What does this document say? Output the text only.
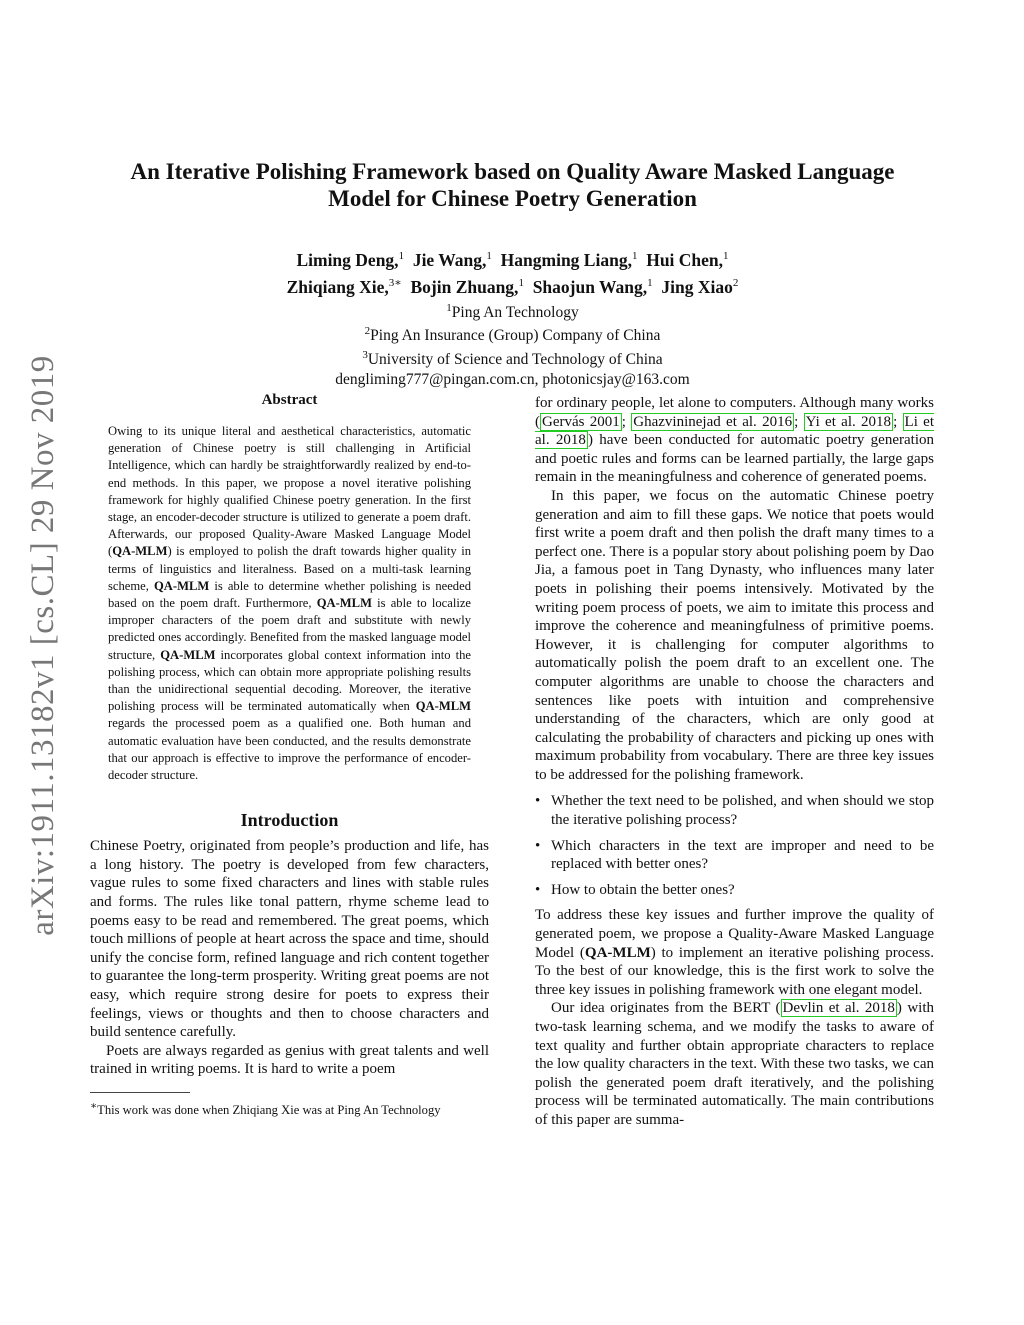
arXiv:1911.13182v1 [cs.CL] 29 Nov 2019
An Iterative Polishing Framework based on Quality Aware Masked Language
Model for Chinese Poetry Generation
Liming Deng,$^1$ Jie Wang,$^1$ Hangming Liang,$^1$ Hui Chen,$^1$
Zhiqiang Xie,$^{3∗}$ Bojin Zhuang,$^1$ Shaojun Wang,$^1$ Jing Xiao$^2$
$^1$Ping An Technology
$^2$Ping An Insurance (Group) Company of China
$^3$University of Science and Technology of China
dengliming777@pingan.com.cn, photonicsjay@163.com
Abstract

Owing to its unique literal and aesthetical characteristics, automatic generation of Chinese poetry is still challenging in Artificial Intelligence, which can hardly be straightforwardly realized by end-to-end methods. In this paper, we propose a novel iterative polishing framework for highly qualified Chinese poetry generation. In the first stage, an encoder-decoder structure is utilized to generate a poem draft. Afterwards, our proposed Quality-Aware Masked Language Model (QA-MLM) is employed to polish the draft towards higher quality in terms of linguistics and literalness. Based on a multi-task learning scheme, QA-MLM is able to determine whether polishing is needed based on the poem draft. Furthermore, QA-MLM is able to localize improper characters of the poem draft and substitute with newly predicted ones accordingly. Benefited from the masked language model structure, QA-MLM incorporates global context information into the polishing process, which can obtain more appropriate polishing results than the unidirectional sequential decoding. Moreover, the iterative polishing process will be terminated automatically when QA-MLM regards the processed poem as a qualified one. Both human and automatic evaluation have been conducted, and the results demonstrate that our approach is effective to improve the performance of encoder-decoder structure.

Introduction

Chinese Poetry, originated from people’s production and life, has a long history. The poetry is developed from few characters, vague rules to some fixed characters and lines with stable rules and forms. The rules like tonal pattern, rhyme scheme lead to poems easy to be read and remembered. The great poems, which touch millions of people at heart across the space and time, should unify the concise form, refined language and rich content together to guarantee the long-term prosperity. Writing great poems are not easy, which require strong desire for poets to express their feelings, views or thoughts and then to choose characters and build sentence carefully.

Poets are always regarded as genius with great talents and well trained in writing poems. It is hard to write a poem

∗This work was done when Zhiqiang Xie was at Ping An Technology

for ordinary people, let alone to computers. Although many works ( Gervás 2001 ; Ghazvininejad et al. 2016 ; Yi et al. 2018 ; Li et al. 2018 ) have been conducted for automatic poetry generation and poetic rules and forms can be learned partially, the large gaps remain in the meaningfulness and coherence of generated poems.

In this paper, we focus on the automatic Chinese poetry generation and aim to fill these gaps. We notice that poets would first write a poem draft and then polish the draft many times to a perfect one. There is a popular story about polishing poem by Dao Jia, a famous poet in Tang Dynasty, who influences many later poets in polishing their poems intensively. Motivated by the writing poem process of poets, we aim to imitate this process and improve the coherence and meaningfulness of primitive poems. However, it is challenging for computer algorithms to automatically polish the poem draft to an excellent one. The computer algorithms are unable to choose the characters and sentences like poets with intuition and comprehensive understanding of the characters, which are only good at calculating the probability of characters and picking up ones with maximum probability from vocabulary. There are three key issues to be addressed for the polishing framework.

• Whether the text need to be polished, and when should we stop the iterative polishing process?
• Which characters in the text are improper and need to be replaced with better ones?
• How to obtain the better ones?

To address these key issues and further improve the quality of generated poem, we propose a Quality-Aware Masked Language Model (QA-MLM) to implement an iterative polishing process. To the best of our knowledge, this is the first work to solve the three key issues in polishing framework with one elegant model.

Our idea originates from the BERT ( Devlin et al. 2018 ) with two-task learning schema, and we modify the tasks to aware of text quality and further obtain appropriate characters to replace the low quality characters in the text. With these two tasks, we can polish the generated poem draft iteratively, and the polishing process will be terminated automatically. The main contributions of this paper are summa-
